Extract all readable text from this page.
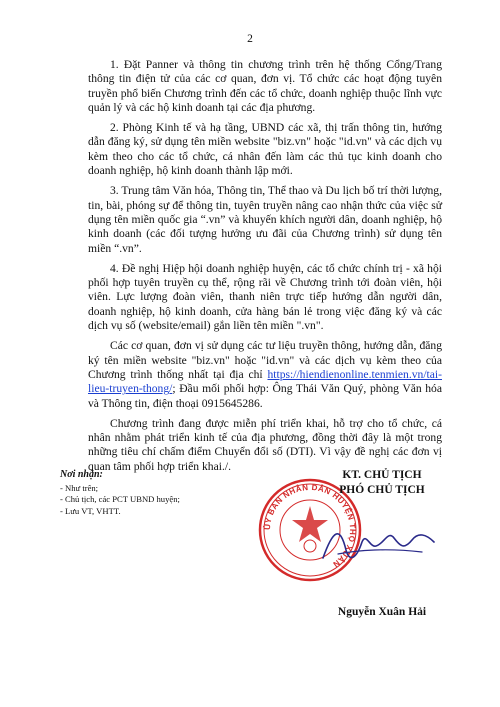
2

1. Đặt Panner và thông tin chương trình trên hệ thống Cổng/Trang thông tin điện tử của các cơ quan, đơn vị. Tổ chức các hoạt động tuyên truyền phổ biến Chương trình đến các tổ chức, doanh nghiệp thuộc lĩnh vực quản lý và các hộ kinh doanh tại các địa phương.

2. Phòng Kinh tế và hạ tầng, UBND các xã, thị trấn thông tin, hướng dẫn đăng ký, sử dụng tên miền website "biz.vn" hoặc "id.vn" và các dịch vụ kèm theo cho các tổ chức, cá nhân đến làm các thủ tục kinh doanh cho doanh nghiệp, hộ kinh doanh thành lập mới.

3. Trung tâm Văn hóa, Thông tin, Thể thao và Du lịch bố trí thời lượng, tin, bài, phóng sự để thông tin, tuyên truyền nâng cao nhận thức của việc sử dụng tên miền quốc gia “.vn” và khuyến khích người dân, doanh nghiệp, hộ kinh doanh (các đối tượng hưởng ưu đãi của Chương trình) sử dụng tên miền “.vn”.

4. Đề nghị Hiệp hội doanh nghiệp huyện, các tổ chức chính trị - xã hội phối hợp tuyên truyền cụ thể, rộng rãi về Chương trình tới đoàn viên, hội viên. Lực lượng đoàn viên, thanh niên trực tiếp hướng dẫn người dân, doanh nghiệp, hộ kinh doanh, cửa hàng bán lẻ trong việc đăng ký và các dịch vụ số (website/email) gắn liền tên miền ".vn".

Các cơ quan, đơn vị sử dụng các tư liệu truyền thông, hướng dẫn, đăng ký tên miền website "biz.vn" hoặc "id.vn" và các dịch vụ kèm theo của Chương trình thống nhất tại địa chỉ https://hiendienonline.tenmien.vn/tai-lieu-truyen-thong/; Đầu mối phối hợp: Ông Thái Văn Quý, phòng Văn hóa và Thông tin, điện thoại 0915645286.

Chương trình đang được miễn phí triển khai, hỗ trợ cho tổ chức, cá nhân nhằm phát triển kinh tế của địa phương, đồng thời đây là một trong những tiêu chí chấm điểm Chuyển đổi số (DTI). Vì vậy đề nghị các đơn vị quan tâm phối hợp triển khai./.

Nơi nhận:
- Như trên;
- Chủ tịch, các PCT UBND huyện;
- Lưu VT, VHTT.
ỦY BAN NHÂN DÂN HUYỆN THỌ XUÂN
KT. CHỦ TỊCH
PHÓ CHỦ TỊCH
Nguyễn Xuân Hải
